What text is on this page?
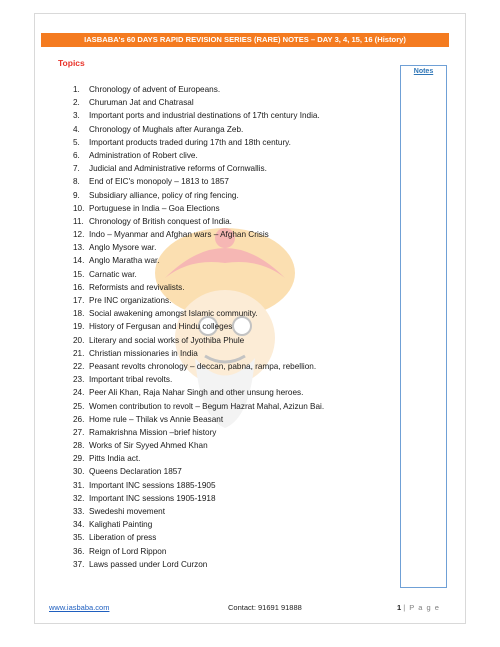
IASBABA's 60 DAYS RAPID REVISION SERIES (RARE) NOTES – DAY 3, 4, 15, 16 (History)
Topics
Notes
1.	Chronology of advent of Europeans.
2.	Churuman Jat and Chatrasal
3.	Important ports and industrial destinations of 17th century India.
4.	Chronology of Mughals after Auranga Zeb.
5.	Important products traded during 17th and 18th century.
6.	Administration of Robert clive.
7.	Judicial and Administrative reforms of Cornwallis.
8.	End of EIC's monopoly – 1813 to 1857
9.	Subsidiary alliance, policy of ring fencing.
10. Portuguese in India – Goa Elections
11. Chronology of British conquest of India.
12. Indo – Myanmar and Afghan wars – Afghan Crisis
13. Anglo Mysore war.
14. Anglo Maratha war.
15. Carnatic war.
16. Reformists and revivalists.
17. Pre INC organizations.
18. Social awakening amongst Islamic community.
19. History of Fergusan and Hindu colleges
20. Literary and social works of Jyothiba Phule
21. Christian missionaries in India
22. Peasant revolts chronology – deccan, pabna, rampa, rebellion.
23. Important tribal revolts.
24. Peer Ali Khan, Raja Nahar Singh and other unsung heroes.
25. Women contribution to revolt – Begum Hazrat Mahal, Azizun Bai.
26. Home rule – Thilak vs Annie Beasant
27. Ramakrishna Mission –brief history
28. Works of Sir Syyed Ahmed Khan
29. Pitts India act.
30. Queens Declaration 1857
31. Important INC sessions 1885-1905
32. Important INC sessions 1905-1918
33. Swedeshi movement
34. Kalighati Painting
35. Liberation of press
36. Reign of Lord Rippon
37. Laws passed under Lord Curzon
www.iasbaba.com	Contact: 91691 91888	1 | P a g e
